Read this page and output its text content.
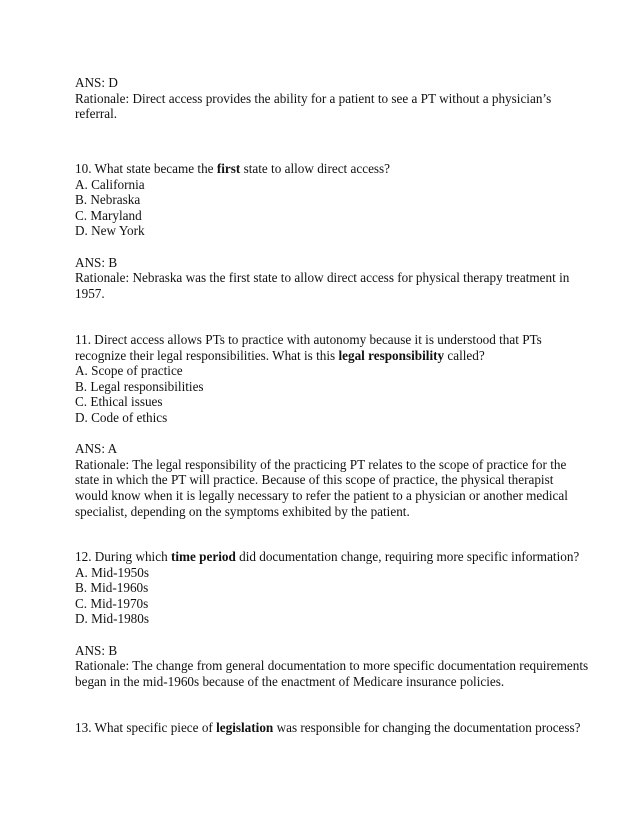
ANS: D
Rationale: Direct access provides the ability for a patient to see a PT without a physician’s
referral.
10. What state became the first state to allow direct access?
A. California
B. Nebraska
C. Maryland
D. New York
ANS: B
Rationale: Nebraska was the first state to allow direct access for physical therapy treatment in
1957.
11. Direct access allows PTs to practice with autonomy because it is understood that PTs
recognize their legal responsibilities. What is this legal responsibility called?
A. Scope of practice
B. Legal responsibilities
C. Ethical issues
D. Code of ethics
ANS: A
Rationale: The legal responsibility of the practicing PT relates to the scope of practice for the
state in which the PT will practice. Because of this scope of practice, the physical therapist
would know when it is legally necessary to refer the patient to a physician or another medical
specialist, depending on the symptoms exhibited by the patient.
12. During which time period did documentation change, requiring more specific information?
A. Mid-1950s
B. Mid-1960s
C. Mid-1970s
D. Mid-1980s
ANS: B
Rationale: The change from general documentation to more specific documentation requirements
began in the mid-1960s because of the enactment of Medicare insurance policies.
13. What specific piece of legislation was responsible for changing the documentation process?
